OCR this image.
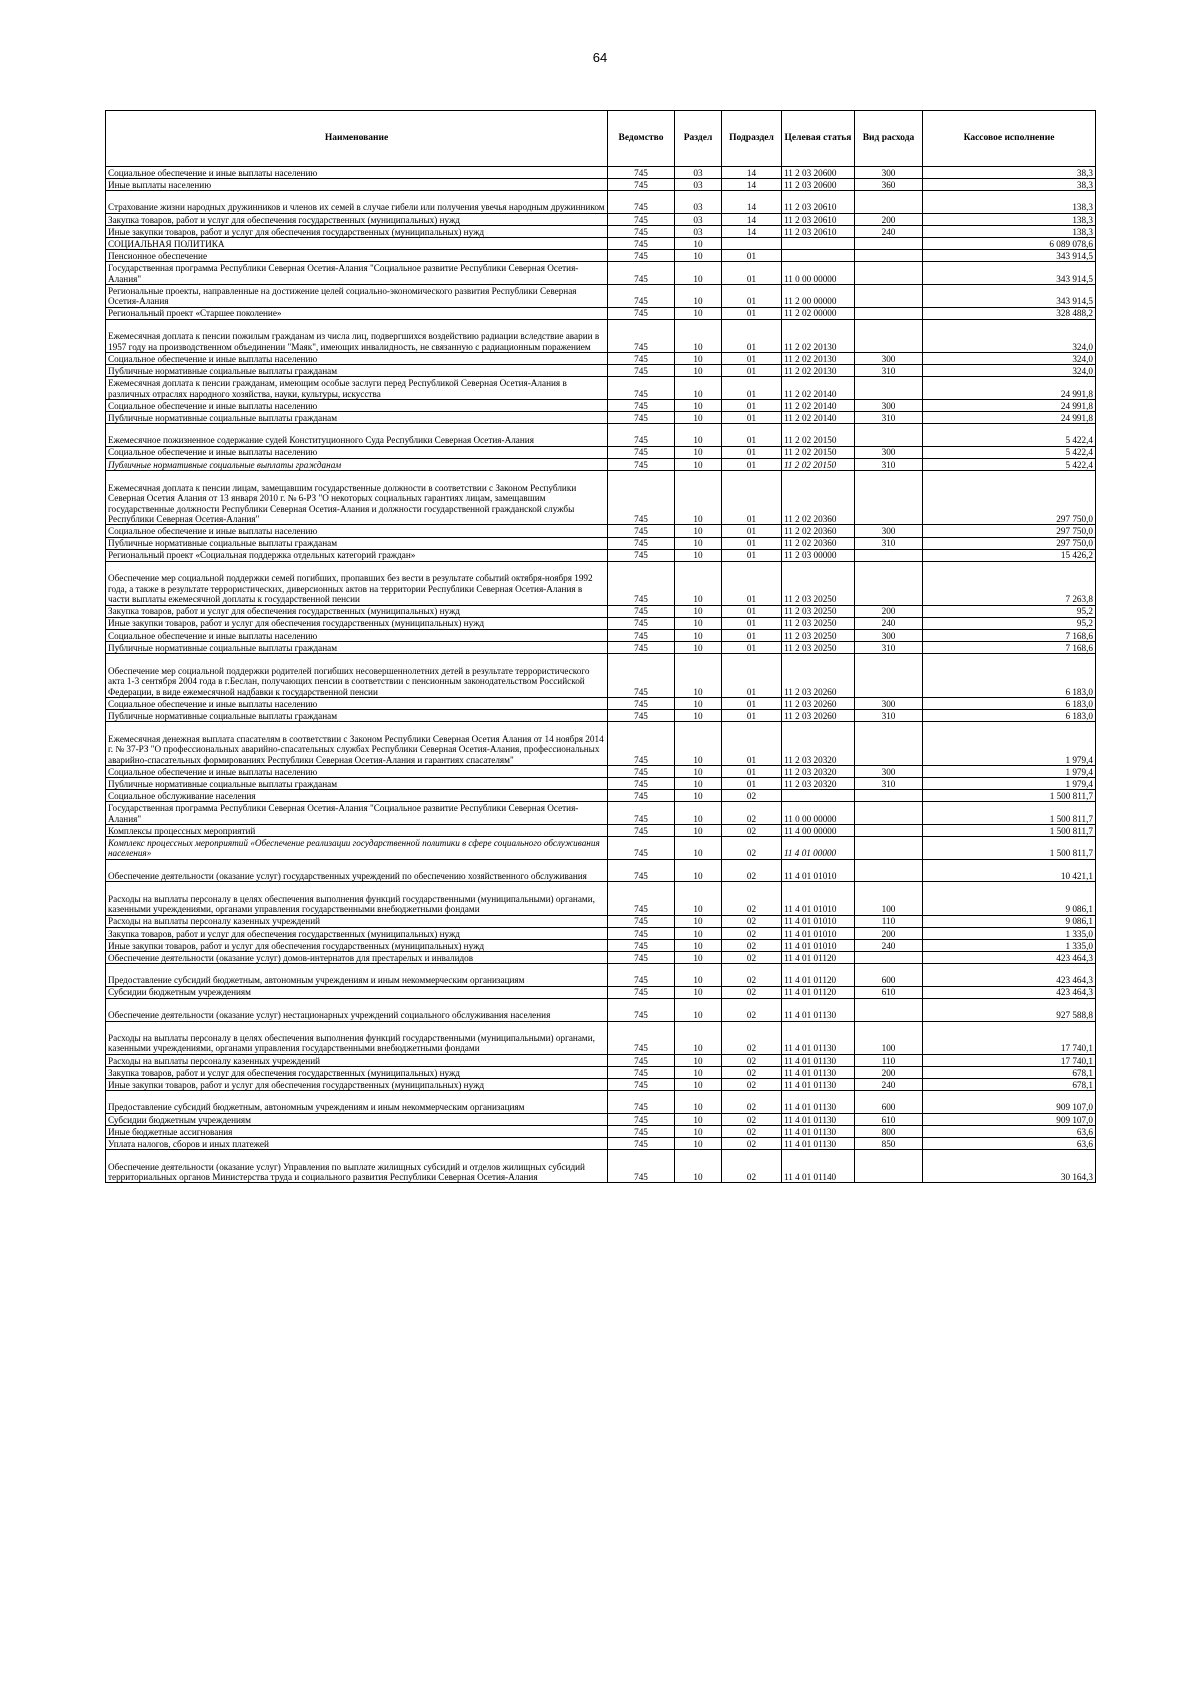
64
Наименование	Ведомство	Раздел	Подраздел	Целевая статья	Вид расхода	Кассовое исполнение
Социальное обеспечение и иные выплаты населению	745	03	14	11 2 03 20600	300	38,3
Иные выплаты населению	745	03	14	11 2 03 20600	360	38,3
Страхование жизни народных дружинников и членов их семей в случае гибели или получения увечья народным дружинником	745	03	14	11 2 03 20610		138,3
Закупка товаров, работ и услуг для обеспечения государственных (муниципальных) нужд	745	03	14	11 2 03 20610	200	138,3
Иные закупки товаров, работ и услуг для обеспечения государственных (муниципальных) нужд	745	03	14	11 2 03 20610	240	138,3
СОЦИАЛЬНАЯ ПОЛИТИКА	745	10				6 089 078,6
Пенсионное обеспечение	745	10	01			343 914,5
Государственная программа Республики Северная Осетия-Алания "Социальное развитие Республики Северная Осетия-Алания"	745	10	01	11 0 00 00000		343 914,5
Региональные проекты, направленные на достижение целей социально-экономического развития Республики Северная Осетия-Алания	745	10	01	11 2 00 00000		343 914,5
Региональный проект «Старшее поколение»	745	10	01	11 2 02 00000		328 488,2
Ежемесячная доплата к пенсии пожилым гражданам из числа лиц, подвергшихся воздействию радиации вследствие аварии в 1957 году на производственном объединении "Маяк", имеющих инвалидность, не связанную с радиационным поражением	745	10	01	11 2 02 20130		324,0
Социальное обеспечение и иные выплаты населению	745	10	01	11 2 02 20130	300	324,0
Публичные нормативные социальные выплаты гражданам	745	10	01	11 2 02 20130	310	324,0
Ежемесячная доплата к пенсии гражданам, имеющим особые заслуги перед Республикой Северная Осетия-Алания в различных отраслях народного хозяйства, науки, культуры, искусства	745	10	01	11 2 02 20140		24 991,8
Социальное обеспечение и иные выплаты населению	745	10	01	11 2 02 20140	300	24 991,8
Публичные нормативные социальные выплаты гражданам	745	10	01	11 2 02 20140	310	24 991,8
Ежемесячное пожизненное содержание судей Конституционного Суда Республики Северная Осетия-Алания	745	10	01	11 2 02 20150		5 422,4
Социальное обеспечение и иные выплаты населению	745	10	01	11 2 02 20150	300	5 422,4
Публичные нормативные социальные выплаты гражданам	745	10	01	11 2 02 20150	310	5 422,4
Ежемесячная доплата к пенсии лицам, замещавшим государственные должности в соответствии с Законом Республики Северная Осетия Алания от 13 января 2010 г. № 6-РЗ "О некоторых социальных гарантиях лицам, замещавшим государственные должности Республики Северная Осетия-Алания и должности государственной гражданской службы Республики Северная Осетия-Алания"	745	10	01	11 2 02 20360		297 750,0
Социальное обеспечение и иные выплаты населению	745	10	01	11 2 02 20360	300	297 750,0
Публичные нормативные социальные выплаты гражданам	745	10	01	11 2 02 20360	310	297 750,0
Региональный проект «Социальная поддержка отдельных категорий граждан»	745	10	01	11 2 03 00000		15 426,2
Обеспечение мер социальной поддержки семей погибших, пропавших без вести в результате событий октября-ноября 1992 года, а также в результате террористических, диверсионных актов на территории Республики Северная Осетия-Алания в части выплаты ежемесячной доплаты к государственной пенсии	745	10	01	11 2 03 20250		7 263,8
Закупка товаров, работ и услуг для обеспечения государственных (муниципальных) нужд	745	10	01	11 2 03 20250	200	95,2
Иные закупки товаров, работ и услуг для обеспечения государственных (муниципальных) нужд	745	10	01	11 2 03 20250	240	95,2
Социальное обеспечение и иные выплаты населению	745	10	01	11 2 03 20250	300	7 168,6
Публичные нормативные социальные выплаты гражданам	745	10	01	11 2 03 20250	310	7 168,6
Обеспечение мер социальной поддержки родителей погибших несовершеннолетних детей в результате террористического акта 1-3 сентября 2004 года в г.Беслан, получающих пенсии в соответствии с пенсионным законодательством Российской Федерации, в виде ежемесячной надбавки к государственной пенсии	745	10	01	11 2 03 20260		6 183,0
Социальное обеспечение и иные выплаты населению	745	10	01	11 2 03 20260	300	6 183,0
Публичные нормативные социальные выплаты гражданам	745	10	01	11 2 03 20260	310	6 183,0
Ежемесячная денежная выплата спасателям в соответствии с Законом Республики Северная Осетия Алания от 14 ноября 2014 г. № 37-РЗ "О профессиональных аварийно-спасательных службах Республики Северная Осетия-Алания, профессиональных аварийно-спасательных формированиях Республики Северная Осетия-Алания и гарантиях спасателям"	745	10	01	11 2 03 20320		1 979,4
Социальное обеспечение и иные выплаты населению	745	10	01	11 2 03 20320	300	1 979,4
Публичные нормативные социальные выплаты гражданам	745	10	01	11 2 03 20320	310	1 979,4
Социальное обслуживание населения	745	10	02			1 500 811,7
Государственная программа Республики Северная Осетия-Алания "Социальное развитие Республики Северная Осетия-Алания"	745	10	02	11 0 00 00000		1 500 811,7
Комплексы процессных мероприятий	745	10	02	11 4 00 00000		1 500 811,7
Комплекс процессных мероприятий «Обеспечение реализации государственной политики в сфере социального обслуживания населения»	745	10	02	11 4 01 00000		1 500 811,7
Обеспечение деятельности (оказание услуг) государственных учреждений по обеспечению хозяйственного обслуживания	745	10	02	11 4 01 01010		10 421,1
Расходы на выплаты персоналу в целях обеспечения выполнения функций государственными (муниципальными) органами, казенными учреждениями, органами управления государственными внебюджетными фондами	745	10	02	11 4 01 01010	100	9 086,1
Расходы на выплаты персоналу казенных учреждений	745	10	02	11 4 01 01010	110	9 086,1
Закупка товаров, работ и услуг для обеспечения государственных (муниципальных) нужд	745	10	02	11 4 01 01010	200	1 335,0
Иные закупки товаров, работ и услуг для обеспечения государственных (муниципальных) нужд	745	10	02	11 4 01 01010	240	1 335,0
Обеспечение деятельности (оказание услуг) домов-интернатов для престарелых и инвалидов	745	10	02	11 4 01 01120		423 464,3
Предоставление субсидий бюджетным, автономным учреждениям и иным некоммерческим организациям	745	10	02	11 4 01 01120	600	423 464,3
Субсидии бюджетным учреждениям	745	10	02	11 4 01 01120	610	423 464,3
Обеспечение деятельности (оказание услуг) нестационарных учреждений социального обслуживания населения	745	10	02	11 4 01 01130		927 588,8
Расходы на выплаты персоналу в целях обеспечения выполнения функций государственными (муниципальными) органами, казенными учреждениями, органами управления государственными внебюджетными фондами	745	10	02	11 4 01 01130	100	17 740,1
Расходы на выплаты персоналу казенных учреждений	745	10	02	11 4 01 01130	110	17 740,1
Закупка товаров, работ и услуг для обеспечения государственных (муниципальных) нужд	745	10	02	11 4 01 01130	200	678,1
Иные закупки товаров, работ и услуг для обеспечения государственных (муниципальных) нужд	745	10	02	11 4 01 01130	240	678,1
Предоставление субсидий бюджетным, автономным учреждениям и иным некоммерческим организациям	745	10	02	11 4 01 01130	600	909 107,0
Субсидии бюджетным учреждениям	745	10	02	11 4 01 01130	610	909 107,0
Иные бюджетные ассигнования	745	10	02	11 4 01 01130	800	63,6
Уплата налогов, сборов и иных платежей	745	10	02	11 4 01 01130	850	63,6
Обеспечение деятельности (оказание услуг) Управления по выплате жилищных субсидий и отделов жилищных субсидий территориальных органов Министерства труда и социального развития Республики Северная Осетия-Алания	745	10	02	11 4 01 01140		30 164,3
